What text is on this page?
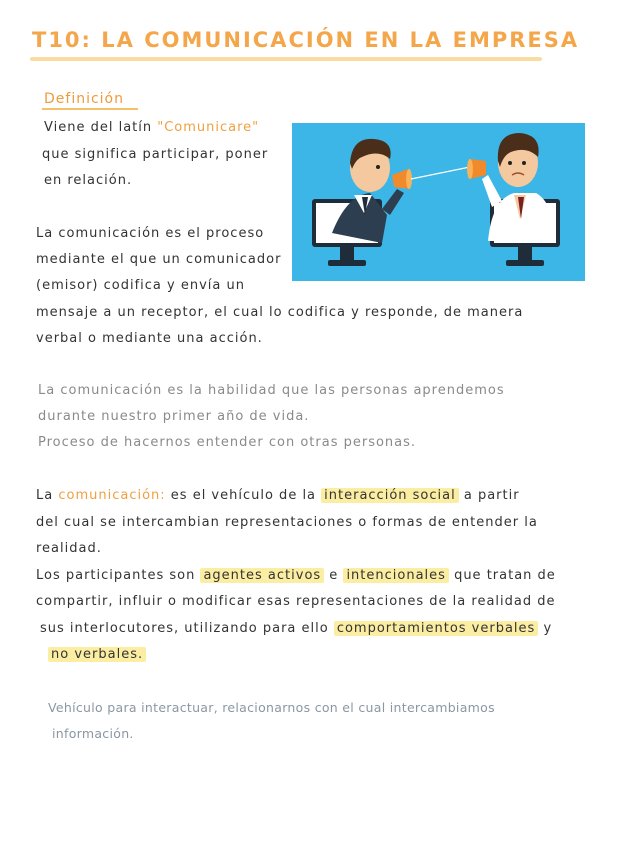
T10: LA COMUNICACIÓN EN LA EMPRESA
Definición
Viene del latín "Comunicare"
que significa participar, poner
en relación.
La comunicación es el proceso
mediante el que un comunicador
(emisor) codifica y envía un
mensaje a un receptor, el cual lo codifica y responde, de manera
verbal o mediante una acción.
La comunicación es la habilidad que las personas aprendemos
durante nuestro primer año de vida.
Proceso de hacernos entender con otras personas.
La comunicación: es el vehículo de la interacción social a partir
del cual se intercambian representaciones o formas de entender la
realidad.
Los participantes son agentes activos e intencionales que tratan de
compartir, influir o modificar esas representaciones de la realidad de
sus interlocutores, utilizando para ello comportamientos verbales y
no verbales.
Vehículo para interactuar, relacionarnos con el cual intercambiamos
información.
